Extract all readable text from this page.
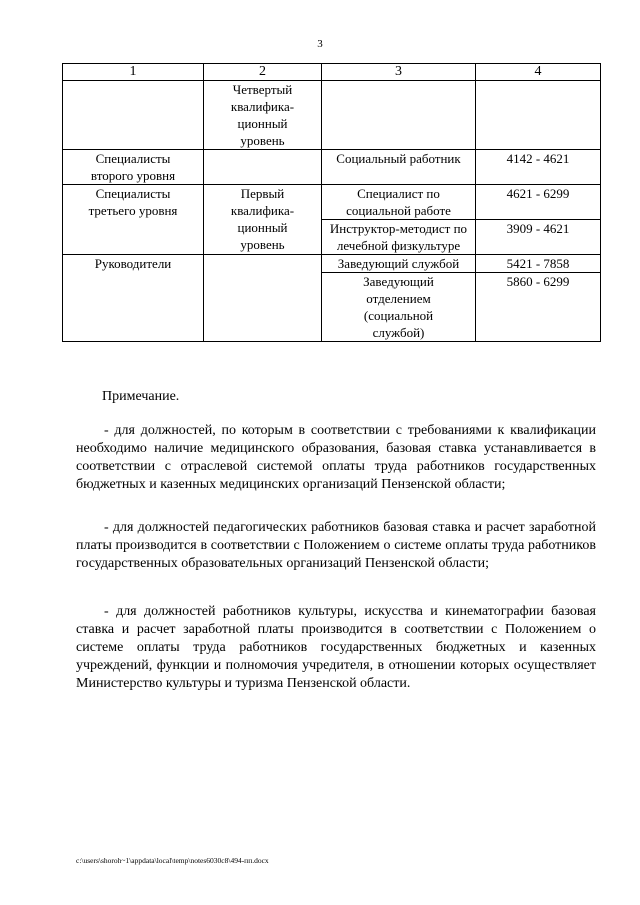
3
1	2	3	4

	Четвертый квалифика-ционный уровень		

Специалисты второго уровня		Социальный работник	4142 - 4621

Специалисты третьего уровня	Первый квалифика-ционный уровень	Специалист по социальной работе	4621 - 6299

		Инструктор-методист по лечебной физкультуре	3909 - 4621
Руководители		Заведующий службой	5421 - 7858

		Заведующий отделением (социальной службой)	5860 - 6299
Примечание.
- для должностей, по которым в соответствии с требованиями к квалификации необходимо наличие медицинского образования, базовая ставка устанавливается в соответствии с отраслевой системой оплаты труда работников государственных бюджетных и казенных медицинских организаций Пензенской области;
- для должностей педагогических работников базовая ставка и расчет заработной платы производится в соответствии с Положением о системе оплаты труда работников государственных образовательных организаций Пензенской области;
- для должностей работников культуры, искусства и кинематографии базовая ставка и расчет заработной платы производится в соответствии с Положением о системе оплаты труда работников государственных бюджетных и казенных учреждений, функции и полномочия учредителя, в отношении которых осуществляет Министерство культуры и туризма Пензенской области.
c:\users\shoroh~1\appdata\local\temp\notes6030c8\494-пп.docx
